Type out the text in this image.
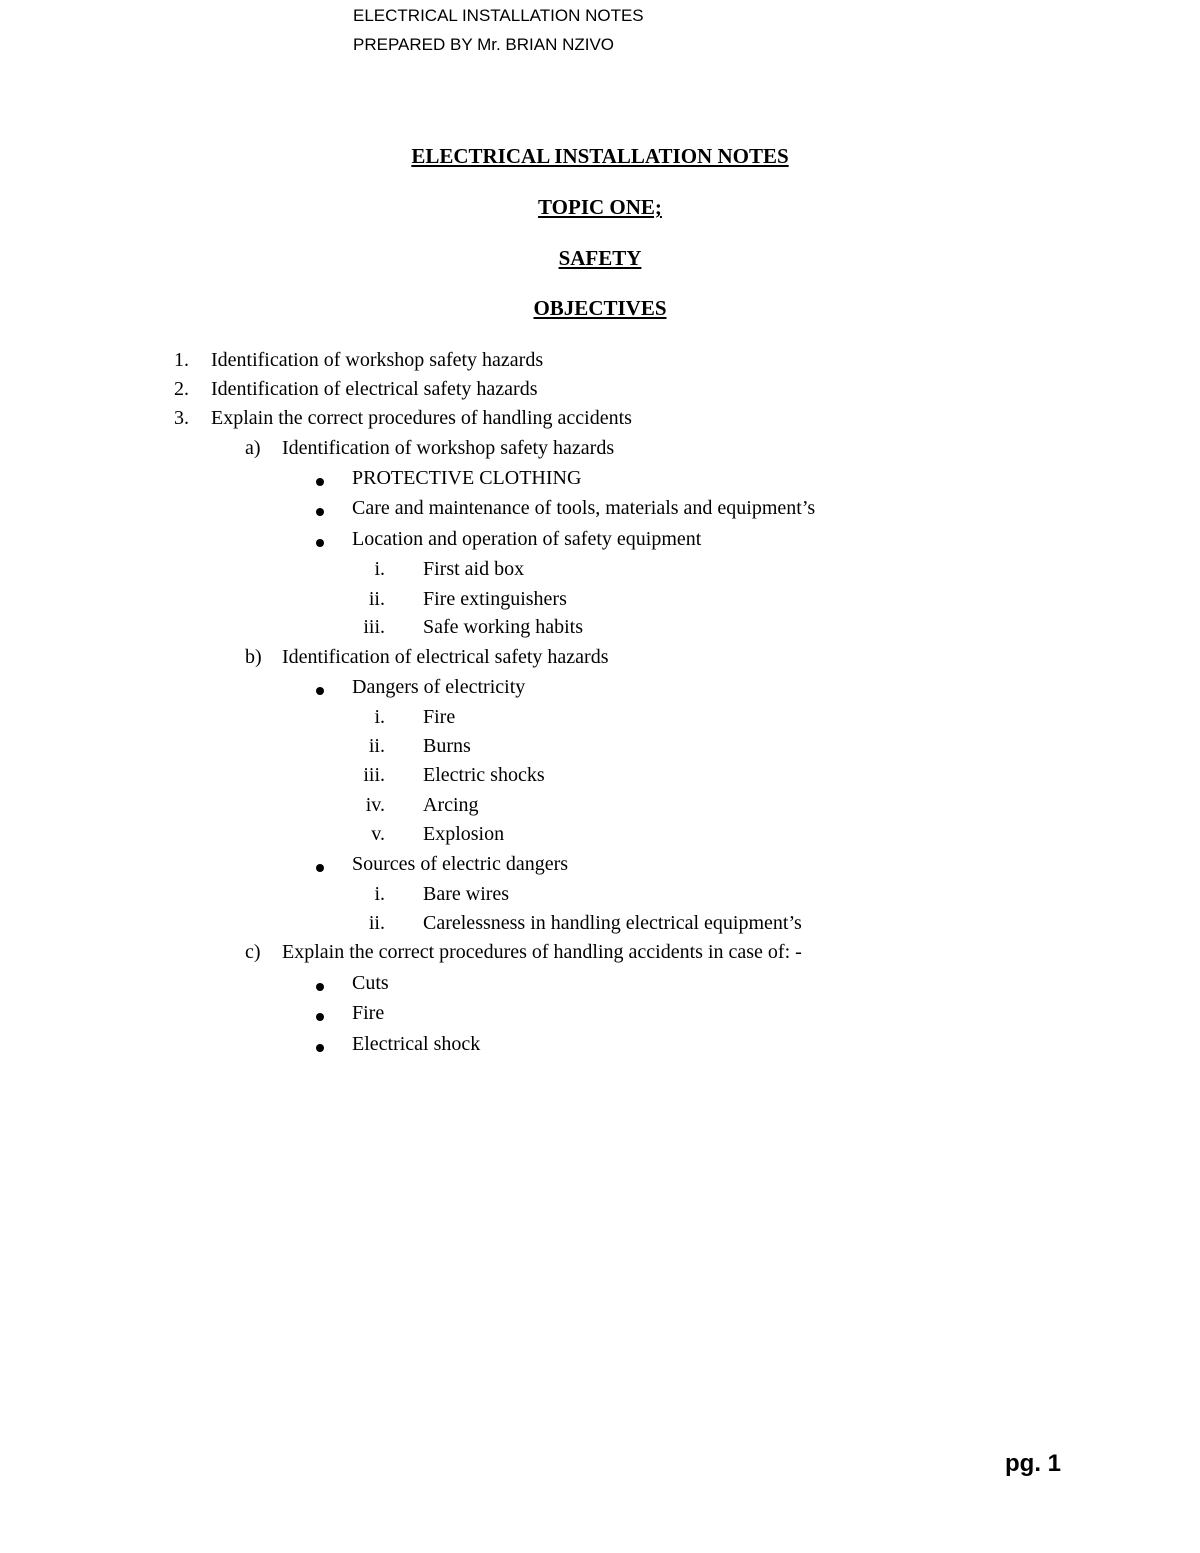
ELECTRICAL INSTALLATION NOTES
PREPARED BY Mr. BRIAN NZIVO
ELECTRICAL INSTALLATION NOTES
TOPIC ONE;
SAFETY
OBJECTIVES
1. Identification of workshop safety hazards
2. Identification of electrical safety hazards
3. Explain the correct procedures of handling accidents
a) Identification of workshop safety hazards
PROTECTIVE CLOTHING
Care and maintenance of tools, materials and equipment’s
Location and operation of safety equipment
i. First aid box
ii. Fire extinguishers
iii. Safe working habits
b) Identification of electrical safety hazards
Dangers of electricity
i. Fire
ii. Burns
iii. Electric shocks
iv. Arcing
v. Explosion
Sources of electric dangers
i. Bare wires
ii. Carelessness in handling electrical equipment’s
c) Explain the correct procedures of handling accidents in case of: -
Cuts
Fire
Electrical shock
pg. 1
